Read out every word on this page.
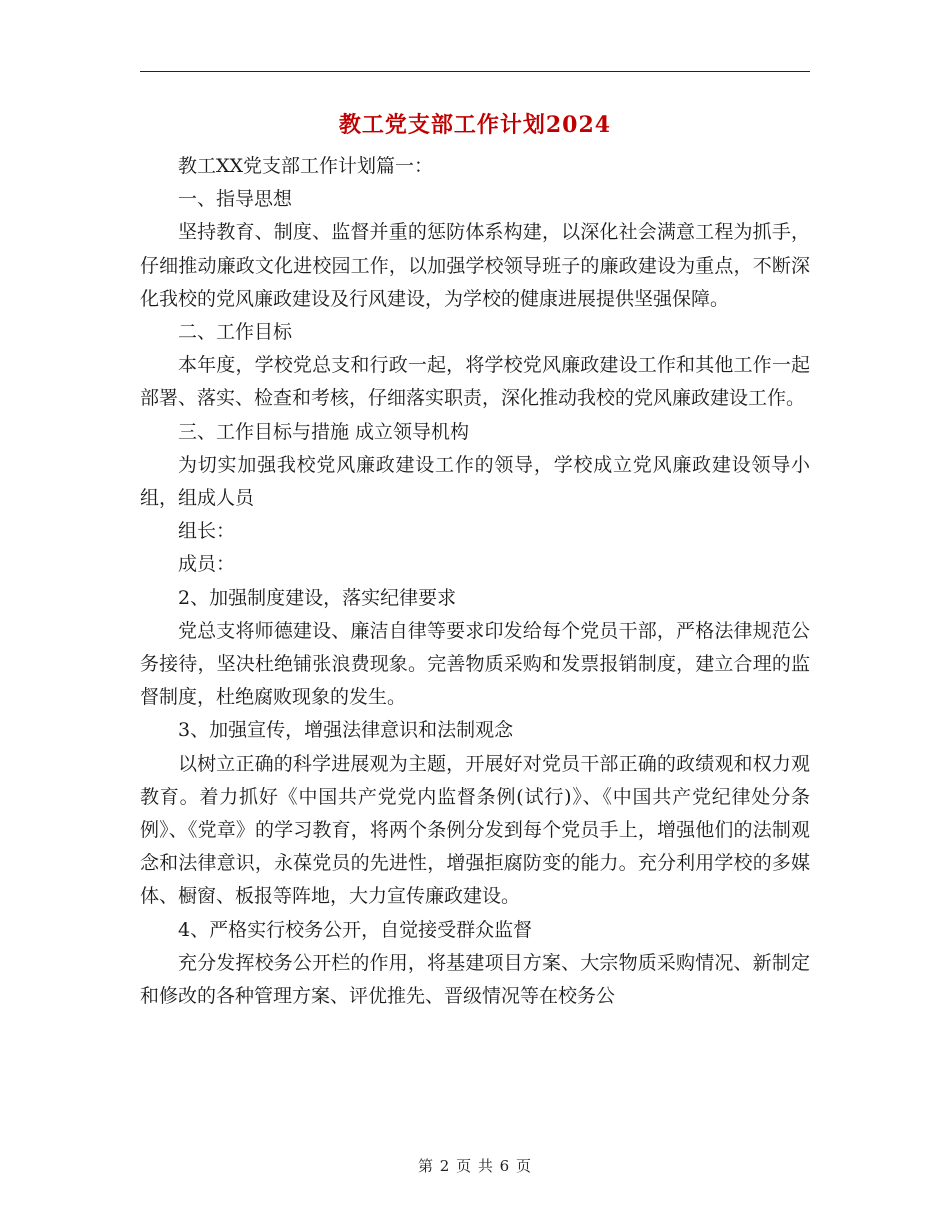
教工党支部工作计划2024

教工XX党支部工作计划篇一：

一、指导思想

坚持教育、制度、监督并重的惩防体系构建，以深化社会满意工程为抓手，仔细推动廉政文化进校园工作，以加强学校领导班子的廉政建设为重点，不断深化我校的党风廉政建设及行风建设，为学校的健康进展提供坚强保障。

二、工作目标

本年度，学校党总支和行政一起，将学校党风廉政建设工作和其他工作一起部署、落实、检查和考核，仔细落实职责，深化推动我校的党风廉政建设工作。

三、工作目标与措施 成立领导机构

为切实加强我校党风廉政建设工作的领导，学校成立党风廉政建设领导小组，组成人员

组长：

成员：

2、加强制度建设，落实纪律要求

党总支将师德建设、廉洁自律等要求印发给每个党员干部，严格法律规范公务接待，坚决杜绝铺张浪费现象。完善物质采购和发票报销制度，建立合理的监督制度，杜绝腐败现象的发生。

3、加强宣传，增强法律意识和法制观念

以树立正确的科学进展观为主题，开展好对党员干部正确的政绩观和权力观教育。着力抓好《中国共产党党内监督条例(试行)》、《中国共产党纪律处分条例》、《党章》的学习教育，将两个条例分发到每个党员手上，增强他们的法制观念和法律意识，永葆党员的先进性，增强拒腐防变的能力。充分利用学校的多媒体、橱窗、板报等阵地，大力宣传廉政建设。

4、严格实行校务公开，自觉接受群众监督

充分发挥校务公开栏的作用，将基建项目方案、大宗物质采购情况、新制定和修改的各种管理方案、评优推先、晋级情况等在校务公

第 2 页 共 6 页
